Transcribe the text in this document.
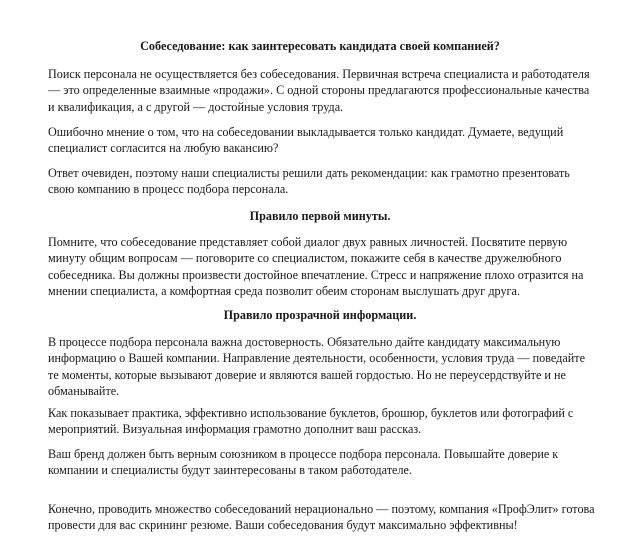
Собеседование: как заинтересовать кандидата своей компанией?

Поиск персонала не осуществляется без собеседования. Первичная встреча специалиста и работодателя — это определенные взаимные «продажи». С одной стороны предлагаются профессиональные качества и квалификация, а с другой — достойные условия труда.

Ошибочно мнение о том, что на собеседовании выкладывается только кандидат. Думаете, ведущий специалист согласится на любую вакансию?

Ответ очевиден, поэтому наши специалисты решили дать рекомендации: как грамотно презентовать свою компанию в процесс подбора персонала.

Правило первой минуты.

Помните, что собеседование представляет собой диалог двух равных личностей. Посвятите первую минуту общим вопросам — поговорите со специалистом, покажите себя в качестве дружелюбного собеседника. Вы должны произвести достойное впечатление. Стресс и напряжение плохо отразится на мнении специалиста, а комфортная среда позволит обеим сторонам выслушать друг друга.

Правило прозрачной информации.

В процессе подбора персонала важна достоверность. Обязательно дайте кандидату максимальную информацию о Вашей компании. Направление деятельности, особенности, условия труда — поведайте те моменты, которые вызывают доверие и являются вашей гордостью. Но не переусердствуйте и не обманывайте.

Как показывает практика, эффективно использование буклетов, брошюр, буклетов или фотографий с мероприятий. Визуальная информация грамотно дополнит ваш рассказ.

Ваш бренд должен быть верным союзником в процессе подбора персонала. Повышайте доверие к компании и специалисты будут заинтересованы в таком работодателе.

Конечно, проводить множество собеседований нерационально — поэтому, компания «ПрофЭлит» готова провести для вас скрининг резюме. Ваши собеседования будут максимально эффективны!
